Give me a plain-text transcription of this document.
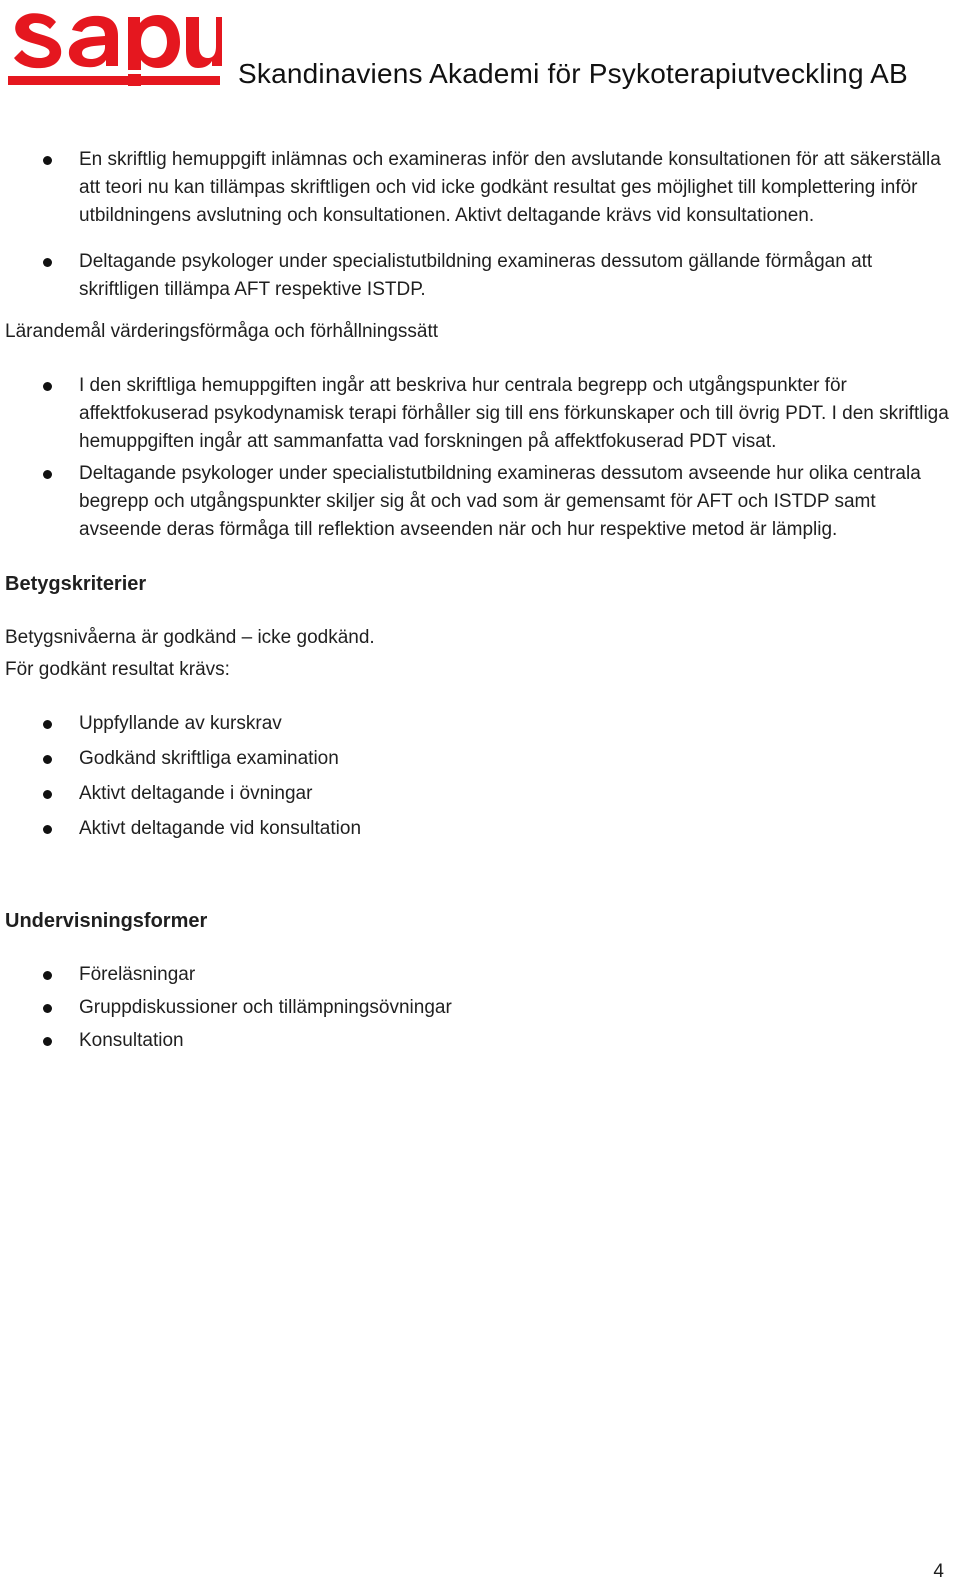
Skandinaviens Akademi för Psykoterapiutveckling AB
En skriftlig hemuppgift inlämnas och examineras inför den avslutande konsultationen för att säkerställa att teori nu kan tillämpas skriftligen och vid icke godkänt resultat ges möjlighet till komplettering inför utbildningens avslutning och konsultationen. Aktivt deltagande krävs vid konsultationen.
Deltagande psykologer under specialistutbildning examineras dessutom gällande förmågan att skriftligen tillämpa AFT respektive ISTDP.

Lärandemål värderingsförmåga och förhållningssätt

I den skriftliga hemuppgiften ingår att beskriva hur centrala begrepp och utgångspunkter för affektfokuserad psykodynamisk terapi förhåller sig till ens förkunskaper och till övrig PDT. I den skriftliga hemuppgiften ingår att sammanfatta vad forskningen på affektfokuserad PDT visat.
Deltagande psykologer under specialistutbildning examineras dessutom avseende hur olika centrala begrepp och utgångspunkter skiljer sig åt och vad som är gemensamt för AFT och ISTDP samt avseende deras förmåga till reflektion avseenden när och hur respektive metod är lämplig.

Betygskriterier

Betygsnivåerna är godkänd – icke godkänd.

För godkänt resultat krävs:

Uppfyllande av kurskrav
Godkänd skriftliga examination
Aktivt deltagande i övningar
Aktivt deltagande vid konsultation

Undervisningsformer

Föreläsningar
Gruppdiskussioner och tillämpningsövningar
Konsultation
4
